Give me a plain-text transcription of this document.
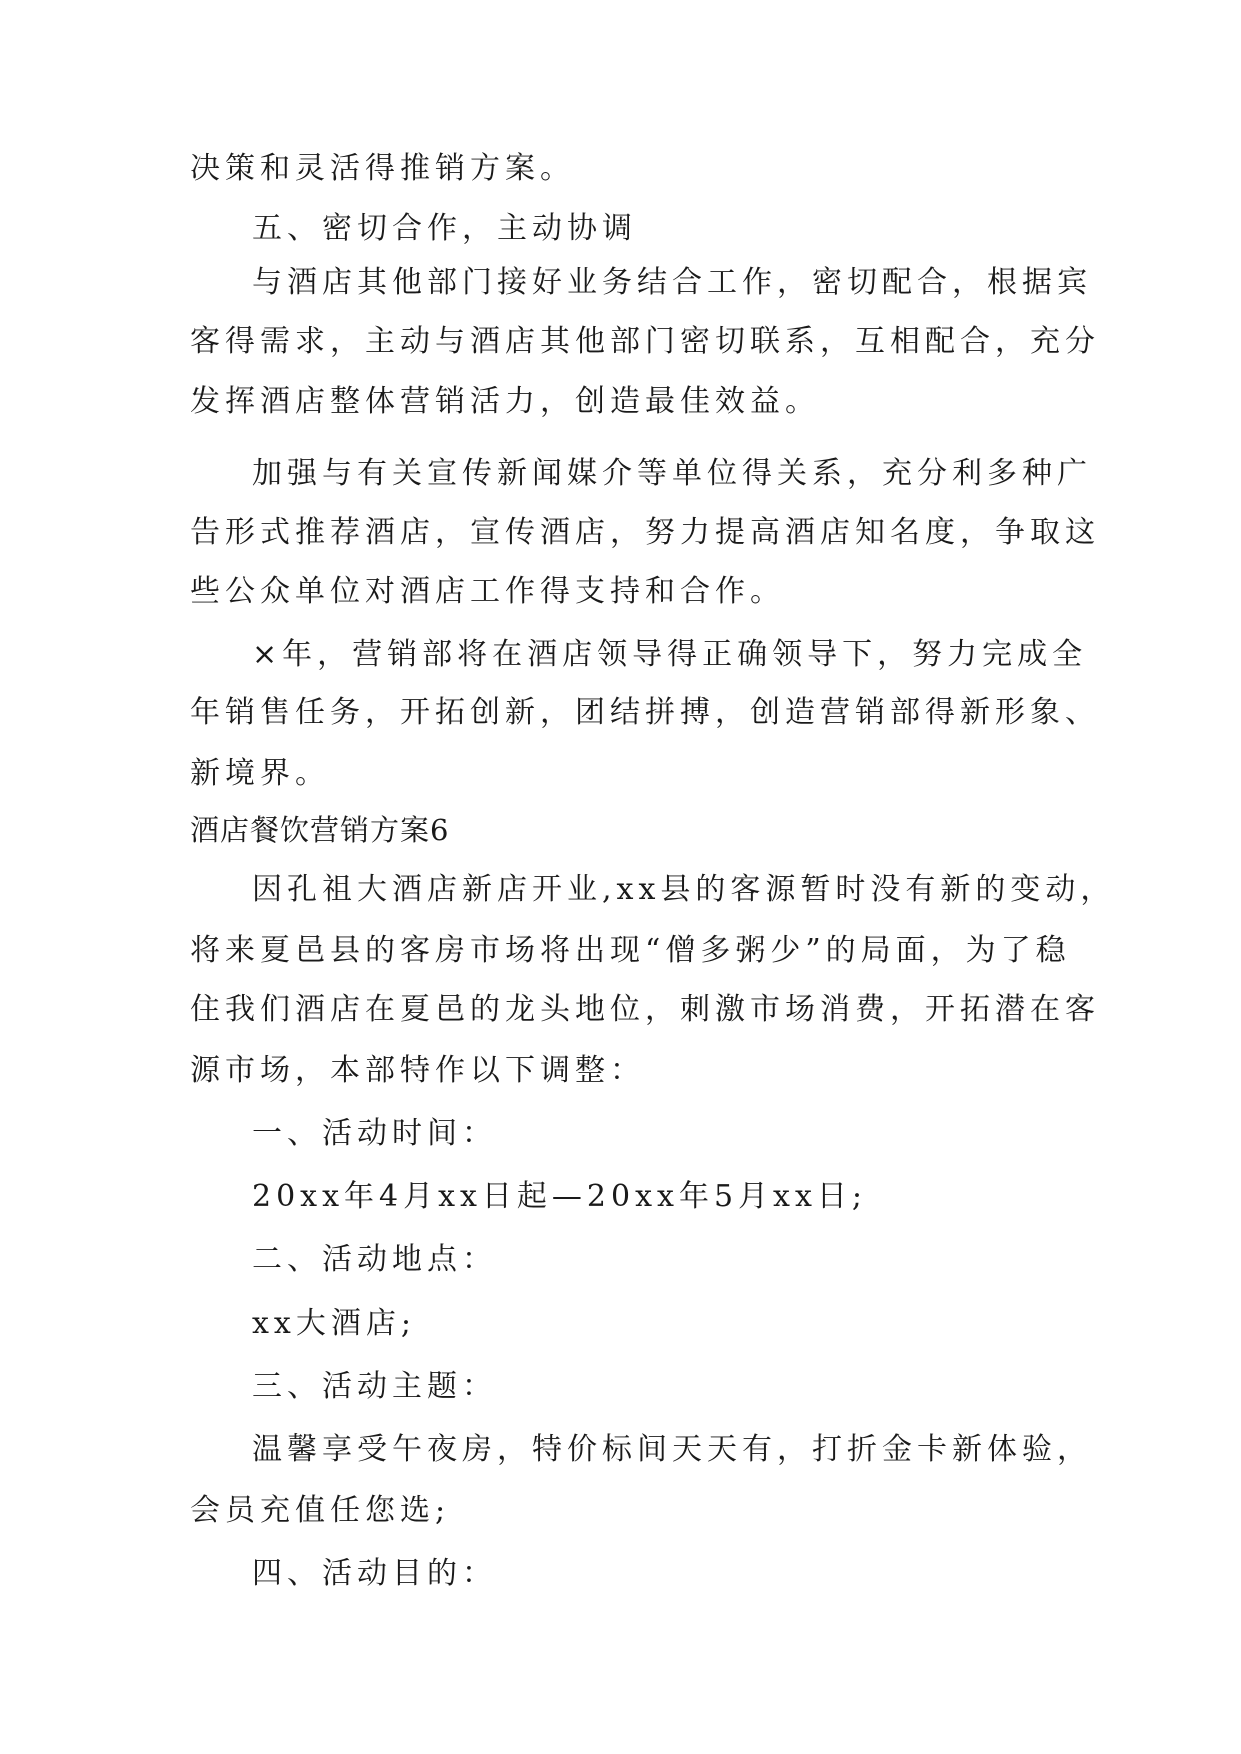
决策和灵活得推销方案。
五、密切合作，主动协调
与酒店其他部门接好业务结合工作，密切配合，根据宾
客得需求，主动与酒店其他部门密切联系，互相配合，充分
发挥酒店整体营销活力，创造最佳效益。
加强与有关宣传新闻媒介等单位得关系，充分利多种广
告形式推荐酒店，宣传酒店，努力提高酒店知名度，争取这
些公众单位对酒店工作得支持和合作。
×年，营销部将在酒店领导得正确领导下，努力完成全
年销售任务，开拓创新，团结拼搏，创造营销部得新形象、
新境界。
酒店餐饮营销方案6
因孔祖大酒店新店开业,xx县的客源暂时没有新的变动，
将来夏邑县的客房市场将出现“僧多粥少”的局面，为了稳
住我们酒店在夏邑的龙头地位，刺激市场消费，开拓潜在客
源市场，本部特作以下调整：
一、活动时间：
20xx年4月xx日起—20xx年5月xx日;
二、活动地点：
xx大酒店;
三、活动主题：
温馨享受午夜房，特价标间天天有，打折金卡新体验，
会员充值任您选;
四、活动目的：
